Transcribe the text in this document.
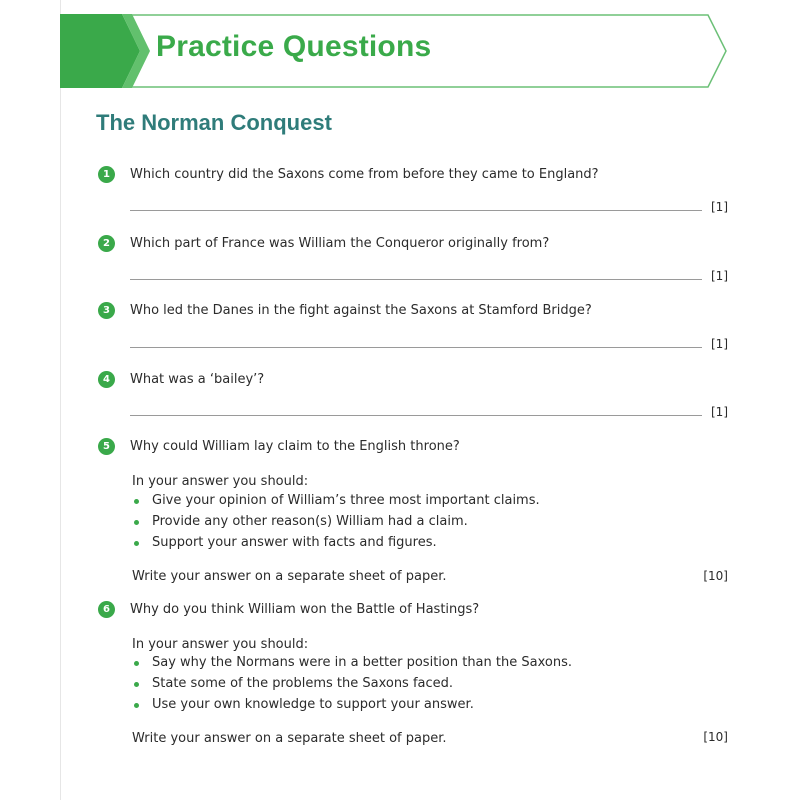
Practice Questions
The Norman Conquest
1	Which country did the Saxons come from before they came to England?
[1]
2	Which part of France was William the Conqueror originally from?
[1]
3	Who led the Danes in the fight against the Saxons at Stamford Bridge?
[1]
4	What was a ‘bailey’?
[1]
5	Why could William lay claim to the English throne?
In your answer you should:
Give your opinion of William’s three most important claims.
Provide any other reason(s) William had a claim.
Support your answer with facts and figures.
Write your answer on a separate sheet of paper.	[10]
6	Why do you think William won the Battle of Hastings?
In your answer you should:
Say why the Normans were in a better position than the Saxons.
State some of the problems the Saxons faced.
Use your own knowledge to support your answer.
Write your answer on a separate sheet of paper.	[10]
